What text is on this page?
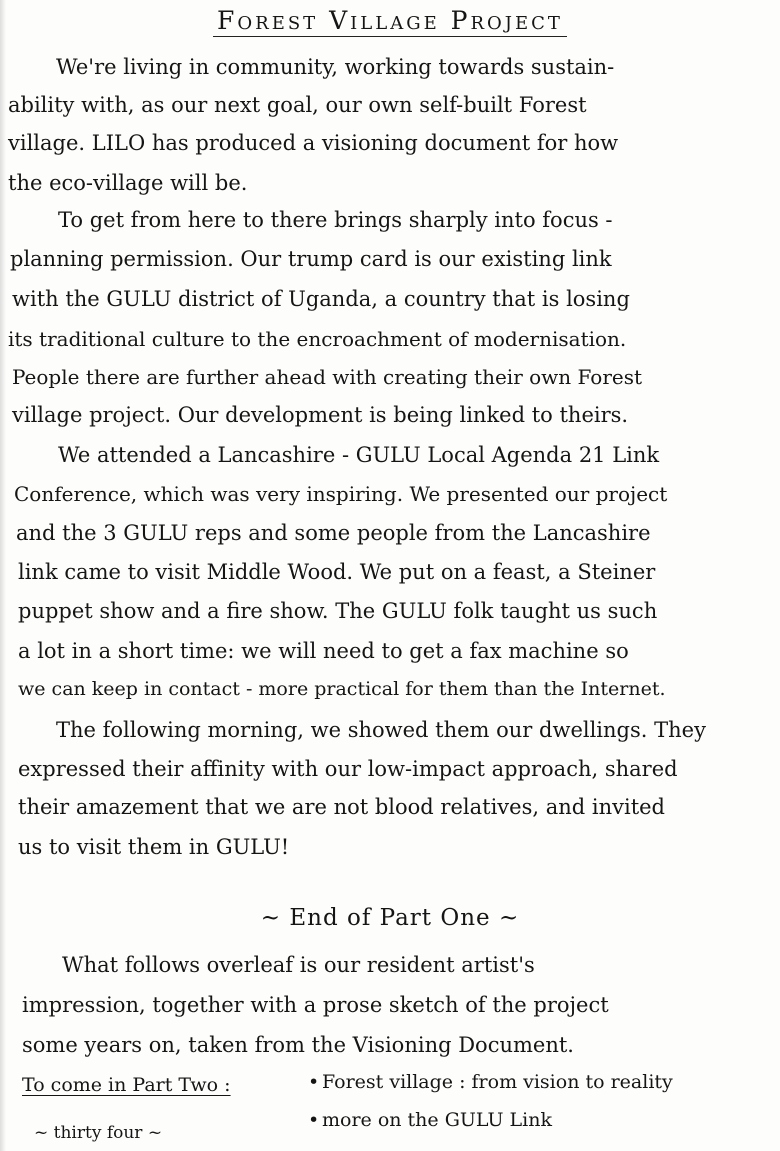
Forest Village Project
We're living in community, working towards sustain-
ability with, as our next goal, our own self-built Forest
village. LILO has produced a visioning document for how
the eco-village will be.
To get from here to there brings sharply into focus -
planning permission. Our trump card is our existing link
with the GULU district of Uganda, a country that is losing
its traditional culture to the encroachment of modernisation.
People there are further ahead with creating their own Forest
village project. Our development is being linked to theirs.
We attended a Lancashire - GULU Local Agenda 21 Link
Conference, which was very inspiring. We presented our project
and the 3 GULU reps and some people from the Lancashire
link came to visit Middle Wood. We put on a feast, a Steiner
puppet show and a fire show. The GULU folk taught us such
a lot in a short time: we will need to get a fax machine so
we can keep in contact - more practical for them than the Internet.
The following morning, we showed them our dwellings. They
expressed their affinity with our low-impact approach, shared
their amazement that we are not blood relatives, and invited
us to visit them in GULU!
~ End of Part One ~
What follows overleaf is our resident artist's
impression, together with a prose sketch of the project
some years on, taken from the Visioning Document.
To come in Part Two :	• Forest village : from vision to reality
• more on the GULU Link
~ thirty four ~
